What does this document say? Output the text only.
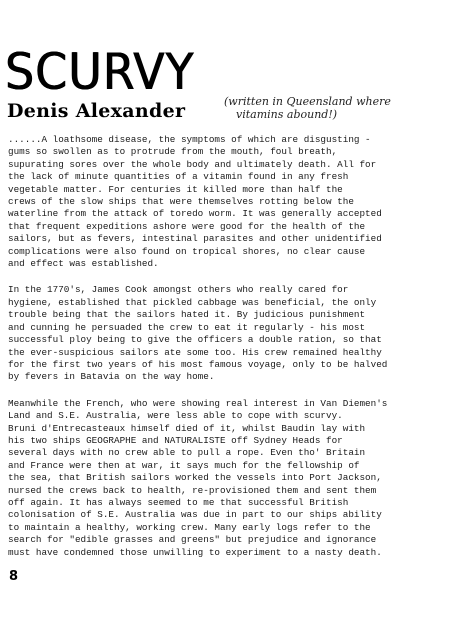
SCURVY
Denis Alexander	(written in Queensland where
vitamins abound!)

......A loathsome disease, the symptoms of which are disgusting -
gums so swollen as to protrude from the mouth, foul breath,
supurating sores over the whole body and ultimately death. All for
the lack of minute quantities of a vitamin found in any fresh
vegetable matter. For centuries it killed more than half the
crews of the slow ships that were themselves rotting below the
waterline from the attack of toredo worm. It was generally accepted
that frequent expeditions ashore were good for the health of the
sailors, but as fevers, intestinal parasites and other unidentified
complications were also found on tropical shores, no clear cause
and effect was established.

In the 1770's, James Cook amongst others who really cared for
hygiene, established that pickled cabbage was beneficial, the only
trouble being that the sailors hated it. By judicious punishment
and cunning he persuaded the crew to eat it regularly - his most
successful ploy being to give the officers a double ration, so that
the ever-suspicious sailors ate some too. His crew remained healthy
for the first two years of his most famous voyage, only to be halved
by fevers in Batavia on the way home.

Meanwhile the French, who were showing real interest in Van Diemen's
Land and S.E. Australia, were less able to cope with scurvy.
Bruni d'Entrecasteaux himself died of it, whilst Baudin lay with
his two ships GEOGRAPHE and NATURALISTE off Sydney Heads for
several days with no crew able to pull a rope. Even tho' Britain
and France were then at war, it says much for the fellowship of
the sea, that British sailors worked the vessels into Port Jackson,
nursed the crews back to health, re-provisioned them and sent them
off again. It has always seemed to me that successful British
colonisation of S.E. Australia was due in part to our ships ability
to maintain a healthy, working crew. Many early logs refer to the
search for "edible grasses and greens" but prejudice and ignorance
must have condemned those unwilling to experiment to a nasty death.

8
